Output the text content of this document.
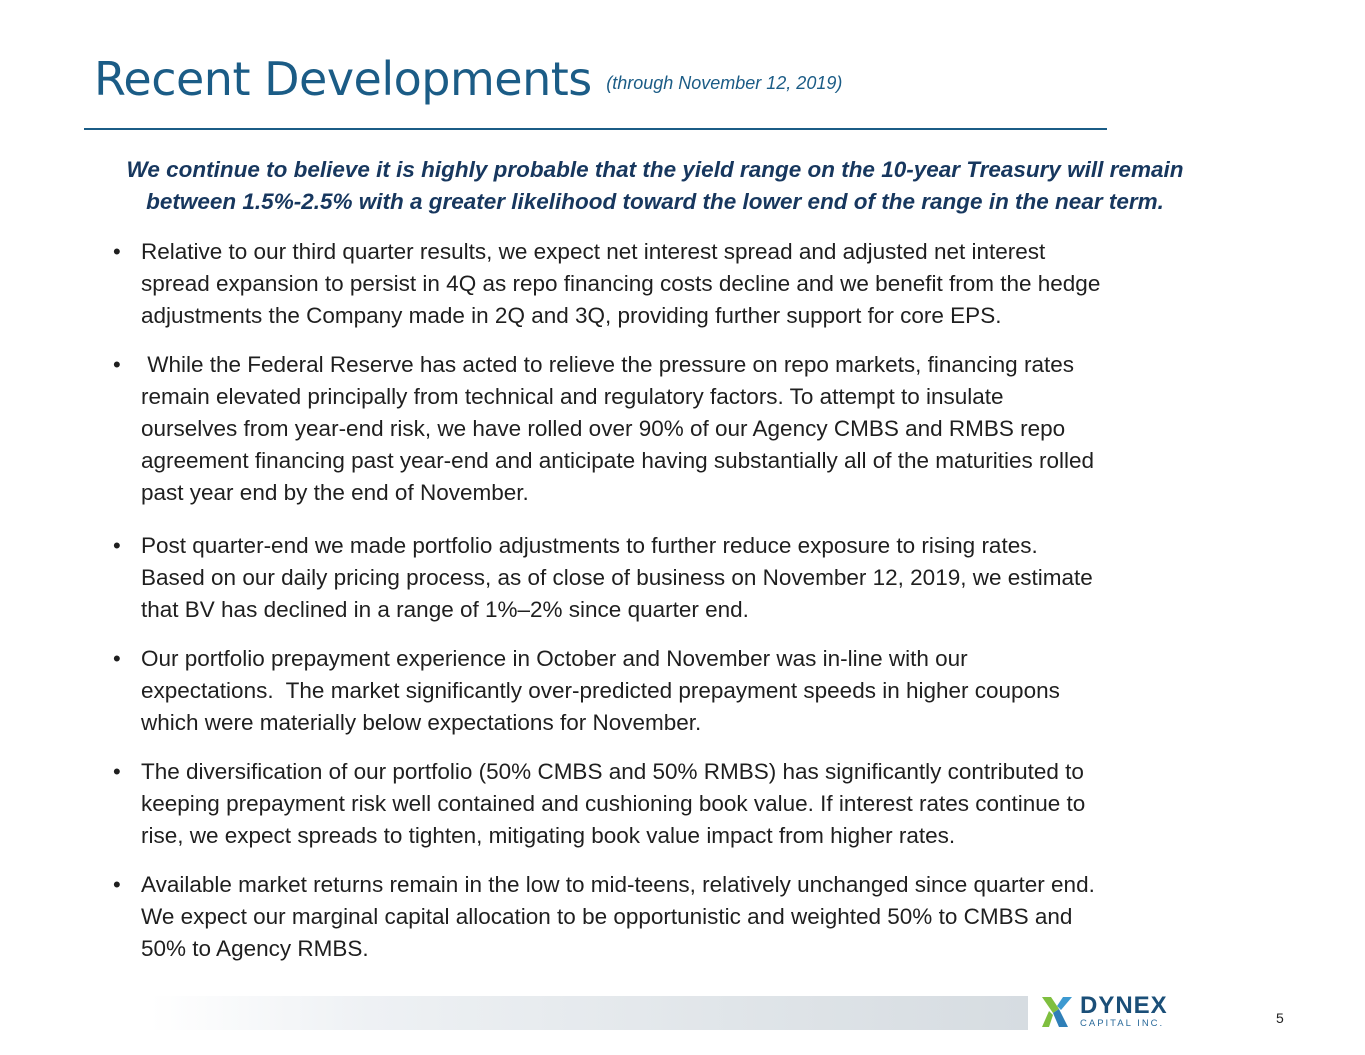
Recent Developments (through November 12, 2019)
We continue to believe it is highly probable that the yield range on the 10-year Treasury will remain
between 1.5%-2.5% with a greater likelihood toward the lower end of the range in the near term.
• Relative to our third quarter results, we expect net interest spread and adjusted net interest
spread expansion to persist in 4Q as repo financing costs decline and we benefit from the hedge
adjustments the Company made in 2Q and 3Q, providing further support for core EPS.
• While the Federal Reserve has acted to relieve the pressure on repo markets, financing rates
remain elevated principally from technical and regulatory factors. To attempt to insulate
ourselves from year-end risk, we have rolled over 90% of our Agency CMBS and RMBS repo
agreement financing past year-end and anticipate having substantially all of the maturities rolled
past year end by the end of November.
• Post quarter-end we made portfolio adjustments to further reduce exposure to rising rates.
Based on our daily pricing process, as of close of business on November 12, 2019, we estimate
that BV has declined in a range of 1%–2% since quarter end.
• Our portfolio prepayment experience in October and November was in-line with our
expectations.  The market significantly over-predicted prepayment speeds in higher coupons
which were materially below expectations for November.
• The diversification of our portfolio (50% CMBS and 50% RMBS) has significantly contributed to
keeping prepayment risk well contained and cushioning book value. If interest rates continue to
rise, we expect spreads to tighten, mitigating book value impact from higher rates.
• Available market returns remain in the low to mid-teens, relatively unchanged since quarter end.
We expect our marginal capital allocation to be opportunistic and weighted 50% to CMBS and
50% to Agency RMBS.
DYNEX
CAPITAL INC.	5
